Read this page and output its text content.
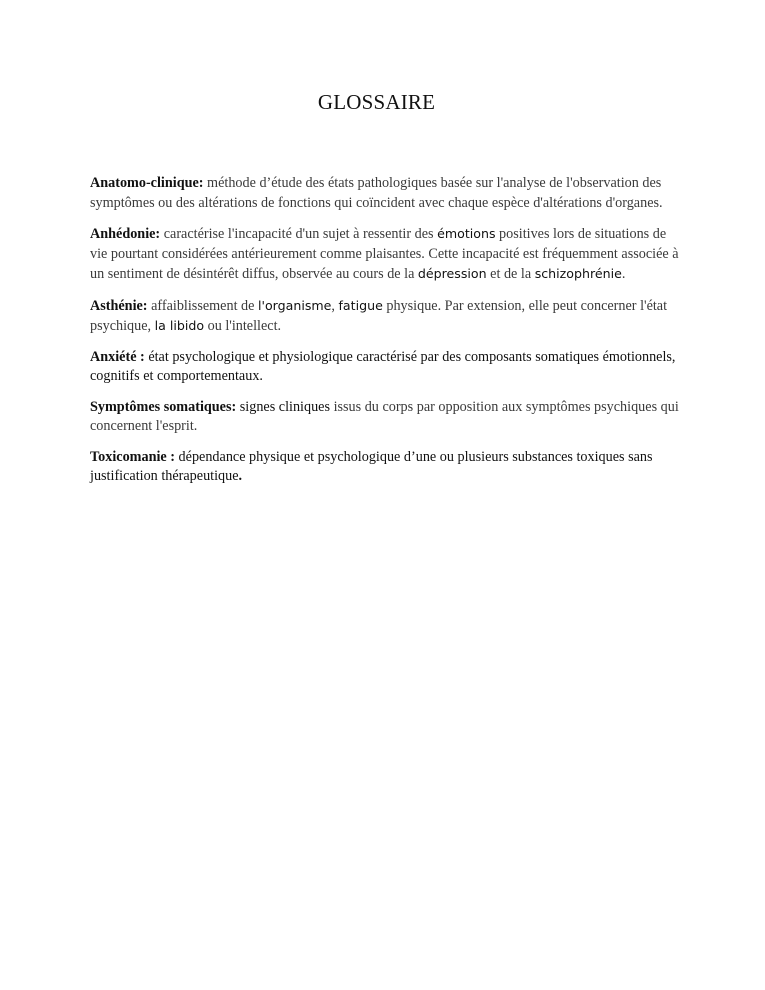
GLOSSAIRE

Anatomo-clinique: méthode d’étude des états pathologiques basée sur l'analyse de l'observation des symptômes ou des altérations de fonctions qui coïncident avec chaque espèce d'altérations d'organes.

Anhédonie: caractérise l'incapacité d'un sujet à ressentir des émotions positives lors de situations de vie pourtant considérées antérieurement comme plaisantes. Cette incapacité est fréquemment associée à un sentiment de désintérêt diffus, observée au cours de la dépression et de la schizophrénie.

Asthénie: affaiblissement de l'organisme, fatigue physique. Par extension, elle peut concerner l'état psychique, la libido ou l'intellect.

Anxiété : état psychologique et physiologique caractérisé par des composants somatiques émotionnels, cognitifs et comportementaux.

Symptômes somatiques: signes cliniques issus du corps par opposition aux symptômes psychiques qui concernent l'esprit.

Toxicomanie : dépendance physique et psychologique d’une ou plusieurs substances toxiques sans justification thérapeutique.
